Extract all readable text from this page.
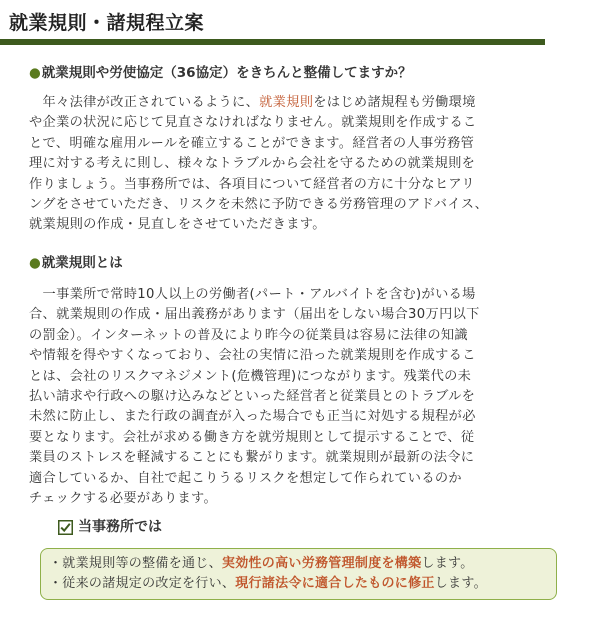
就業規則・諸規程立案
●就業規則や労使協定（36協定）をきちんと整備してますか？
　年々法律が改正されているように、就業規則をはじめ諸規程も労働環境
や企業の状況に応じて見直さなければなりません。就業規則を作成するこ
とで、明確な雇用ルールを確立することができます。経営者の人事労務管
理に対する考えに則し、様々なトラブルから会社を守るための就業規則を
作りましょう。当事務所では、各項目について経営者の方に十分なヒアリ
ングをさせていただき、リスクを未然に予防できる労務管理のアドバイス、
就業規則の作成・見直しをさせていただきます。
●就業規則とは
　一事業所で常時10人以上の労働者(パート・アルバイトを含む)がいる場
合、就業規則の作成・届出義務があります（届出をしない場合30万円以下
の罰金）。インターネットの普及により昨今の従業員は容易に法律の知識
や情報を得やすくなっており、会社の実情に沿った就業規則を作成するこ
とは、会社のリスクマネジメント(危機管理)につながります。残業代の未
払い請求や行政への駆け込みなどといった経営者と従業員とのトラブルを
未然に防止し、また行政の調査が入った場合でも正当に対処する規程が必
要となります。会社が求める働き方を就労規則として提示することで、従
業員のストレスを軽減することにも繋がります。就業規則が最新の法令に
適合しているか、自社で起こりうるリスクを想定して作られているのか
チェックする必要があります。
当事務所では
・就業規則等の整備を通じ、実効性の高い労務管理制度を構築します。
・従来の諸規定の改定を行い、現行諸法令に適合したものに修正します。
